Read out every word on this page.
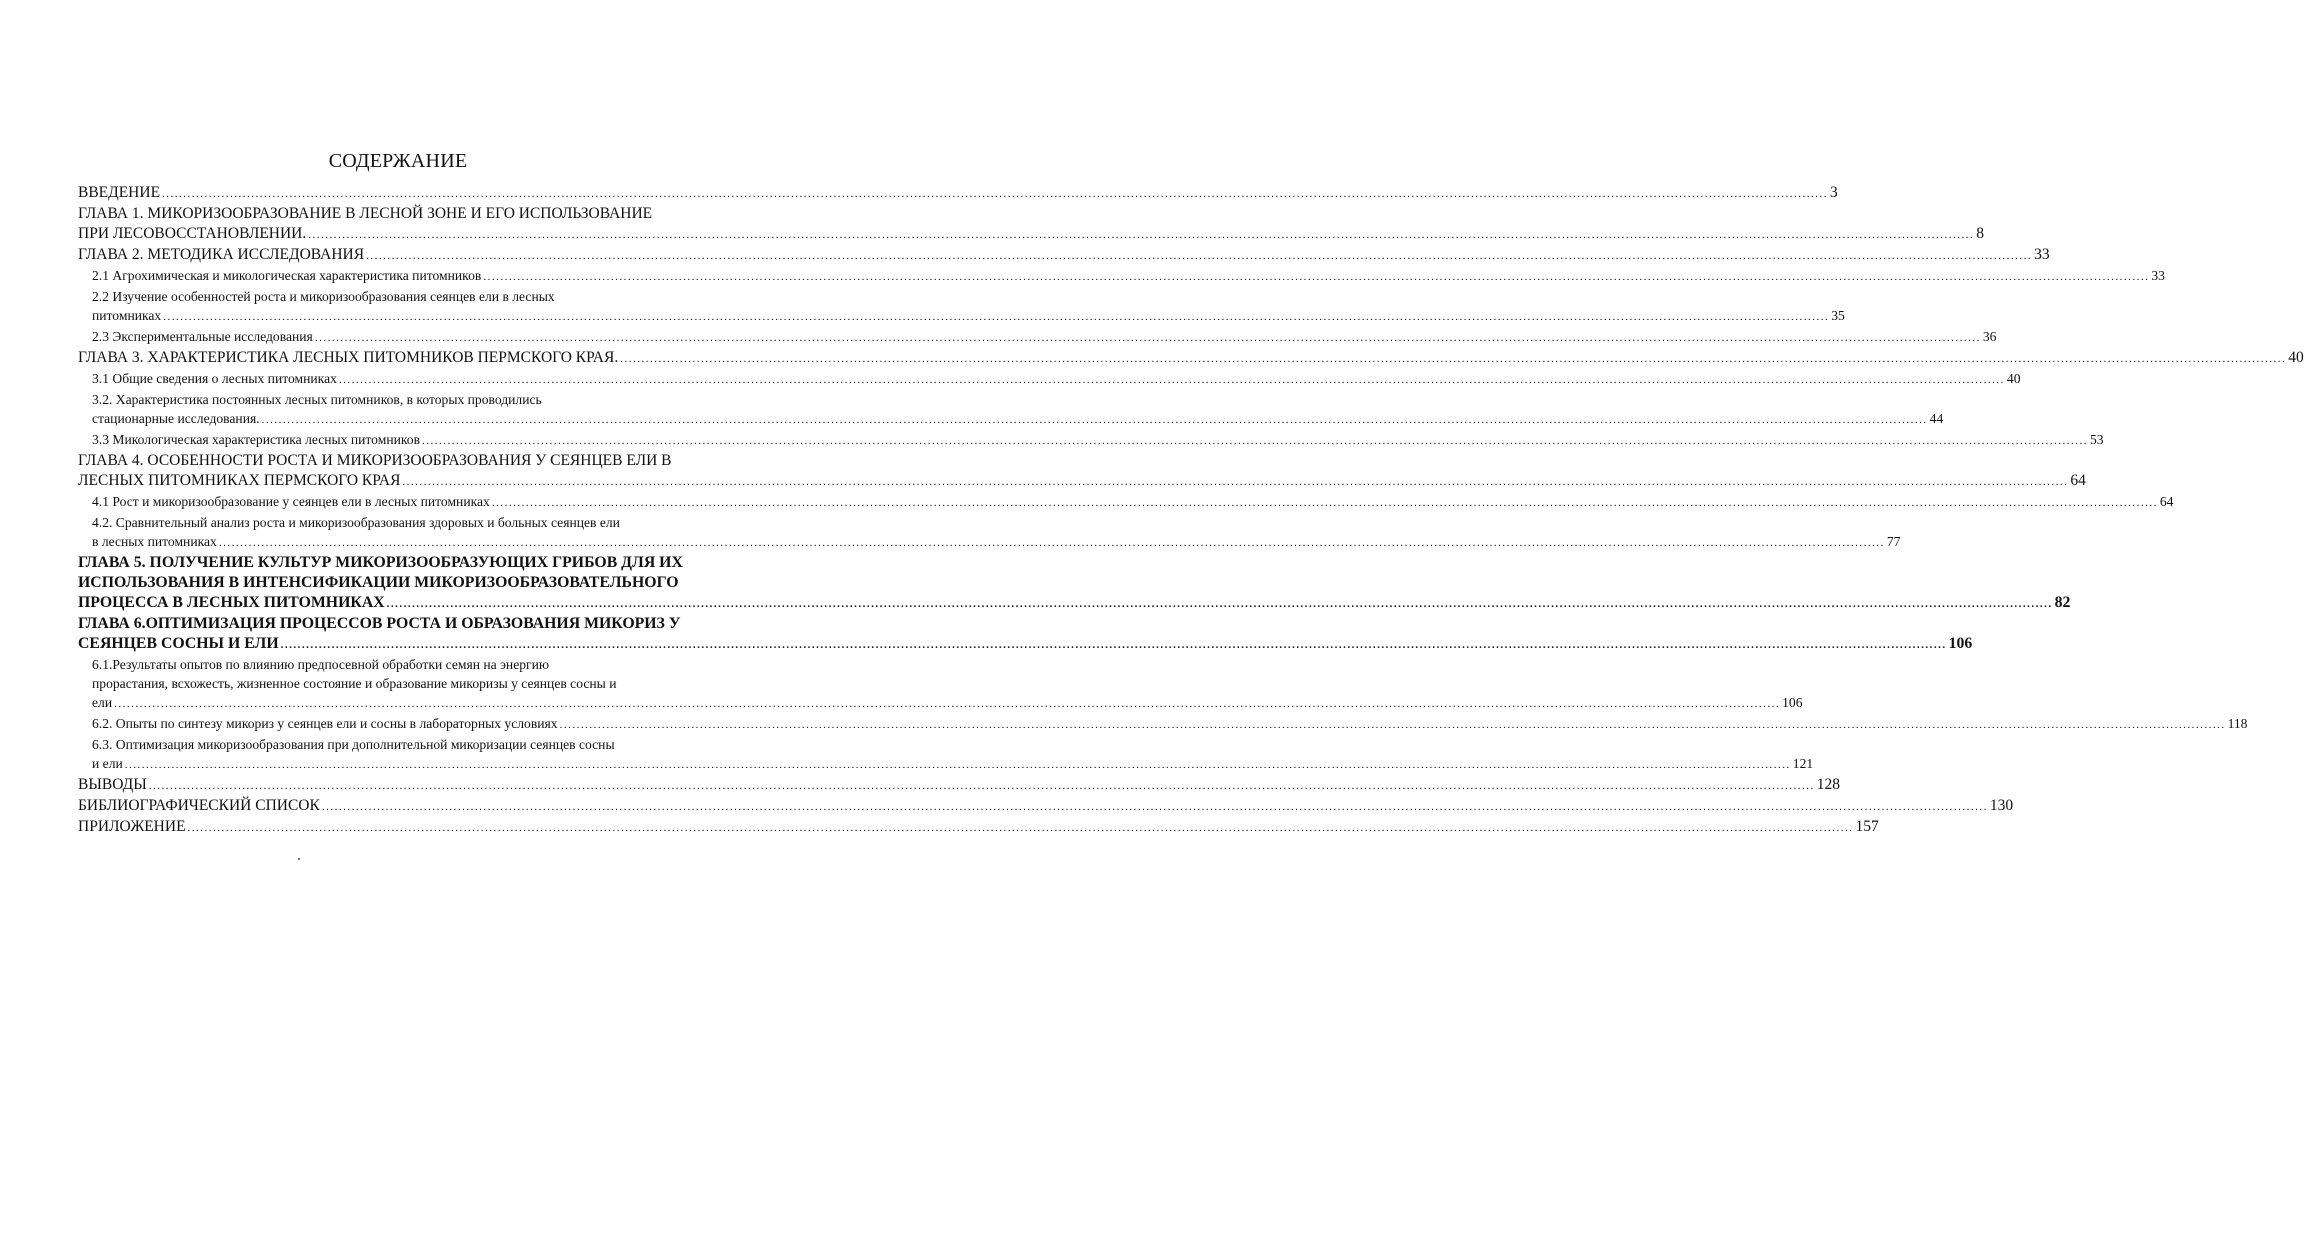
СОДЕРЖАНИЕ
ВВЕДЕНИЕ .....	3
ГЛАВА 1. МИКОРИЗООБРАЗОВАНИЕ В ЛЕСНОЙ ЗОНЕ И ЕГО ИСПОЛЬЗОВАНИЕ
ПРИ ЛЕСОВОССТАНОВЛЕНИИ. .....	8
ГЛАВА 2. МЕТОДИКА ИССЛЕДОВАНИЯ .....	33
2.1 Агрохимическая и микологическая характеристика питомников .....	33
2.2 Изучение особенностей роста и микоризообразования сеянцев ели в лесных
питомниках .....	35
2.3 Экспериментальные исследования .....	36
ГЛАВА 3. ХАРАКТЕРИСТИКА ЛЕСНЫХ ПИТОМНИКОВ ПЕРМСКОГО КРАЯ. .....	40
3.1 Общие сведения о лесных питомниках .....	40
3.2. Характеристика постоянных лесных питомников, в которых проводились
стационарные исследования. .....	44
3.3 Микологическая характеристика лесных питомников .....	53
ГЛАВА 4. ОСОБЕННОСТИ РОСТА И МИКОРИЗООБРАЗОВАНИЯ У СЕЯНЦЕВ ЕЛИ В
ЛЕСНЫХ ПИТОМНИКАХ ПЕРМСКОГО КРАЯ .....	64
4.1 Рост и микоризообразование у сеянцев ели в лесных питомниках .....	64
4.2. Сравнительный анализ роста и микоризообразования здоровых и больных сеянцев ели
в лесных питомниках .....	77
ГЛАВА 5. ПОЛУЧЕНИЕ КУЛЬТУР МИКОРИЗООБРАЗУЮЩИХ ГРИБОВ ДЛЯ ИХ
ИСПОЛЬЗОВАНИЯ В ИНТЕНСИФИКАЦИИ МИКОРИЗООБРАЗОВАТЕЛЬНОГО
ПРОЦЕССА В ЛЕСНЫХ ПИТОМНИКАХ .....	82
ГЛАВА 6.ОПТИМИЗАЦИЯ ПРОЦЕССОВ РОСТА И ОБРАЗОВАНИЯ МИКОРИЗ У
СЕЯНЦЕВ СОСНЫ И ЕЛИ .....	106
6.1.Результаты опытов по влиянию предпосевной обработки семян на энергию
прорастания, всхожесть, жизненное состояние и образование микоризы у сеянцев сосны и
ели .....	106
6.2. Опыты по синтезу микориз у сеянцев ели и сосны в лабораторных условиях .....	118
6.3. Оптимизация микоризообразования при дополнительной микоризации сеянцев сосны
и ели .....	121
ВЫВОДЫ .....	128
БИБЛИОГРАФИЧЕСКИЙ СПИСОК .....	130
ПРИЛОЖЕНИЕ .....	157
